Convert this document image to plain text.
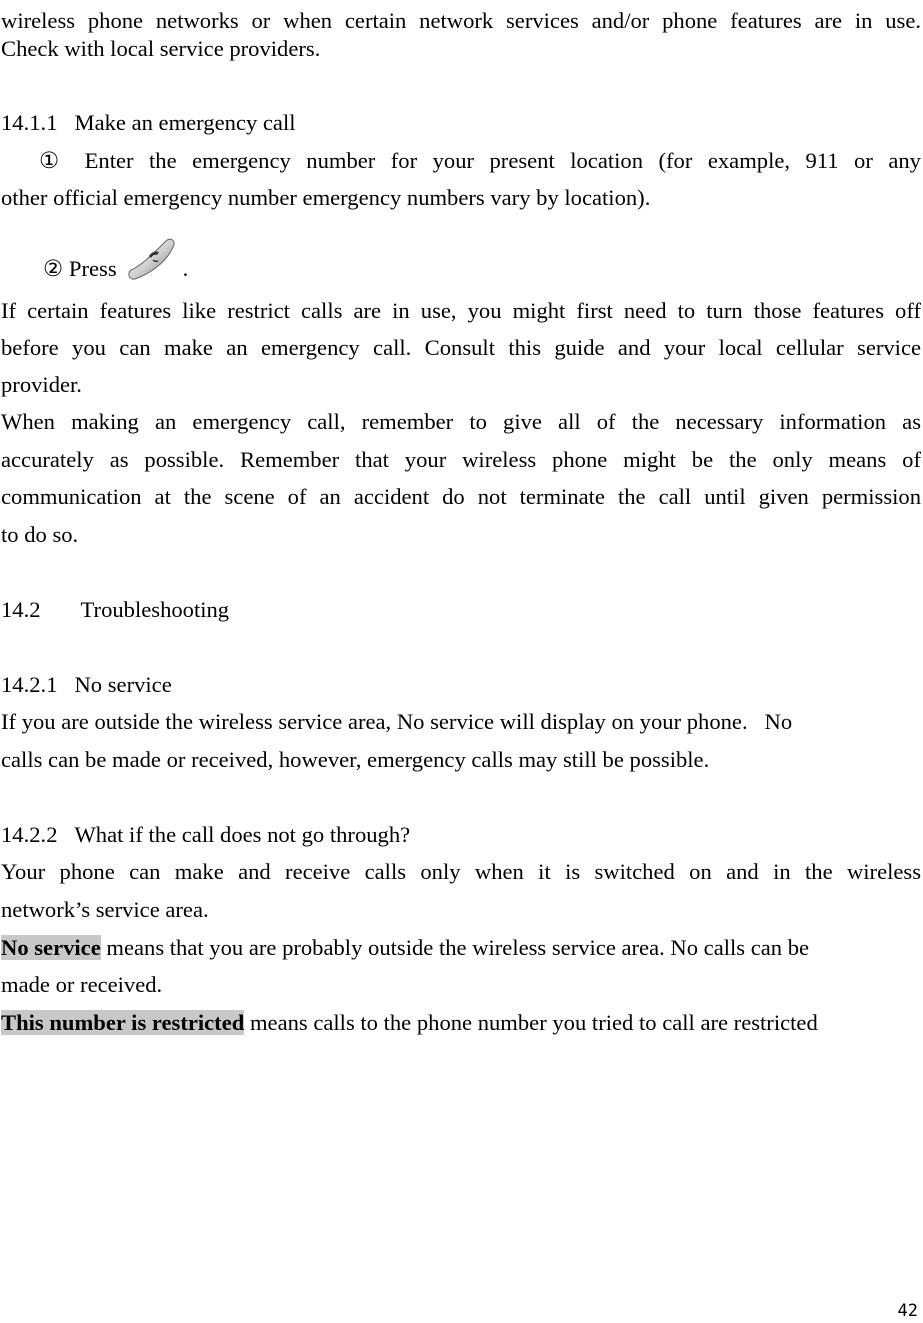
wireless phone networks or when certain network services and/or phone features are in use.
Check with local service providers.
14.1.1 Make an emergency call
① Enter the emergency number for your present location (for example, 911 or any
other official emergency number emergency numbers vary by location).
② Press	.
If certain features like restrict calls are in use, you might first need to turn those features off
before you can make an emergency call. Consult this guide and your local cellular service
provider.
When making an emergency call, remember to give all of the necessary information as
accurately as possible. Remember that your wireless phone might be the only means of
communication at the scene of an accident do not terminate the call until given permission
to do so.
14.2 Troubleshooting
14.2.1 No service
If you are outside the wireless service area, No service will display on your phone.   No
calls can be made or received, however, emergency calls may still be possible.
14.2.2 What if the call does not go through?
Your phone can make and receive calls only when it is switched on and in the wireless
network’s service area.
No service means that you are probably outside the wireless service area. No calls can be
made or received.
This number is restricted means calls to the phone number you tried to call are restricted
42
